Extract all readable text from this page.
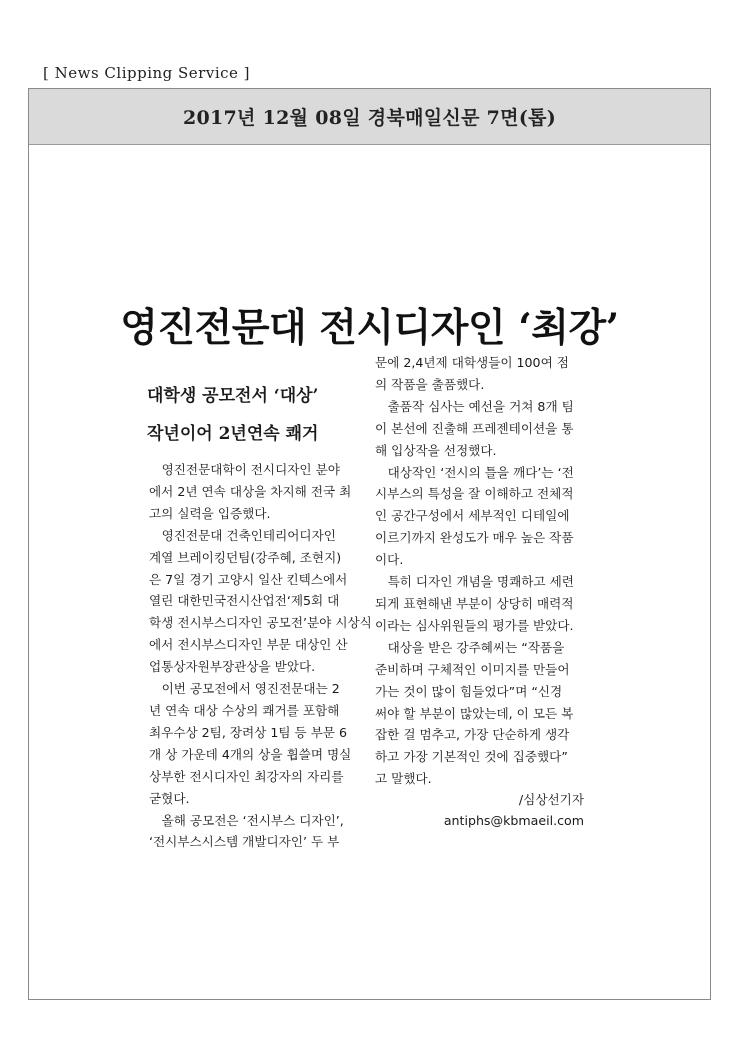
[ News Clipping Service ]
2017년 12월 08일 경북매일신문 7면(톱)
영진전문대 전시디자인 ‘최강’
대학생 공모전서 ‘대상’
작년이어 2년연속 쾌거

영진전문대학이 전시디자인 분야
에서 2년 연속 대상을 차지해 전국 최
고의 실력을 입증했다.

영진전문대 건축인테리어디자인
계열 브레이킹던팀(강주혜, 조현지)
은 7일 경기 고양시 일산 킨텍스에서
열린 대한민국전시산업전‘제5회 대
학생 전시부스디자인 공모전’분야 시상식
에서 전시부스디자인 부문 대상인 산
업통상자원부장관상을 받았다.

이번 공모전에서 영진전문대는 2
년 연속 대상 수상의 쾌거를 포함해
최우수상 2팀, 장려상 1팀 등 부문 6
개 상 가운데 4개의 상을 휩쓸며 명실
상부한 전시디자인 최강자의 자리를
굳혔다.

올해 공모전은 ‘전시부스 디자인’,
‘전시부스시스템 개발디자인’ 두 부

문에 2,4년제 대학생들이 100여 점
의 작품을 출품했다.

출품작 심사는 예선을 거쳐 8개 팀
이 본선에 진출해 프레젠테이션을 통
해 입상작을 선정했다.

대상작인 ‘전시의 틀을 깨다’는 ‘전
시부스의 특성을 잘 이해하고 전체적
인 공간구성에서 세부적인 디테일에
이르기까지 완성도가 매우 높은 작품
이다.

특히 디자인 개념을 명쾌하고 세련
되게 표현해낸 부분이 상당히 매력적
이라는 심사위원들의 평가를 받았다.

대상을 받은 강주혜씨는 “작품을
준비하며 구체적인 이미지를 만들어
가는 것이 많이 힘들었다”며 “신경
써야 할 부분이 많았는데, 이 모든 복
잡한 걸 멈추고, 가장 단순하게 생각
하고 가장 기본적인 것에 집중했다”
고 말했다.

/심상선기자
antiphs@kbmaeil.com
